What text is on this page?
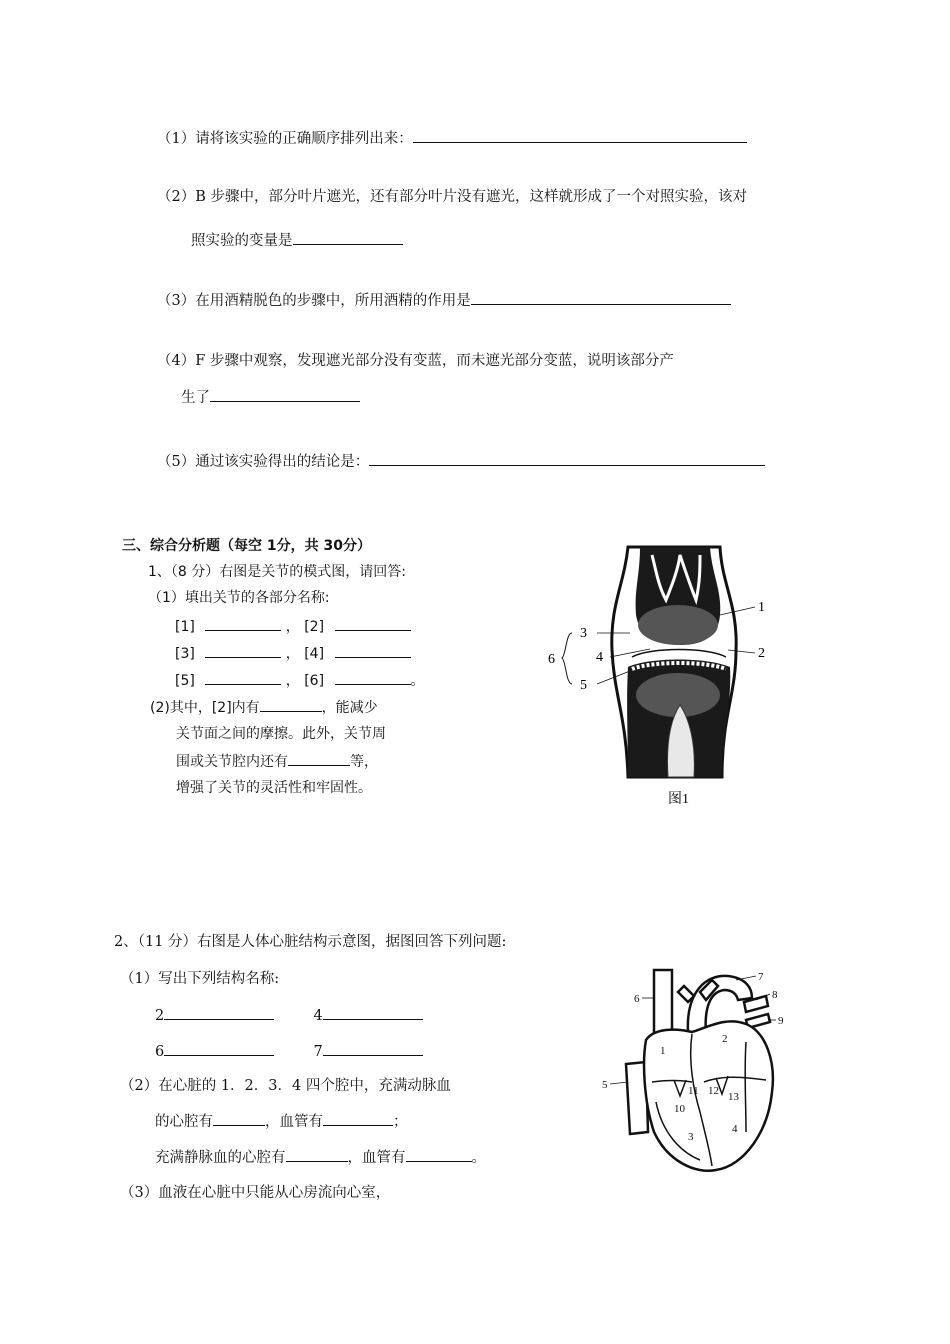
（1）请将该实验的正确顺序排列出来：
（2）B 步骤中，部分叶片遮光，还有部分叶片没有遮光，这样就形成了一个对照实验，该对
照实验的变量是
（3）在用酒精脱色的步骤中，所用酒精的作用是
（4）F 步骤中观察，发现遮光部分没有变蓝，而未遮光部分变蓝，说明该部分产
生了
（5）通过该实验得出的结论是：
三、综合分析题（每空 1分，共 30分）
1、（8 分）右图是关节的模式图，请回答:
（1）填出关节的各部分名称:
[1]	， [2]
[3]	， [4]
[5]	， [6]	。
(2)其中，[2]内有	，能减少
关节面之间的摩擦。此外，关节周
围或关节腔内还有	等，
增强了关节的灵活性和牢固性。
1
2
3
4
5
6
图1
2、（11 分）右图是人体心脏结构示意图，据图回答下列问题:
（1）写出下列结构名称:
2	4
6	7
（2）在心脏的 1．2．3．4 四个腔中，充满动脉血
的心腔有	，血管有	；
充满静脉血的心腔有	，血管有	。
（3）血液在心脏中只能从心房流向心室，
1
2
3
4
5
6
7
8
9
10
11 12 13
